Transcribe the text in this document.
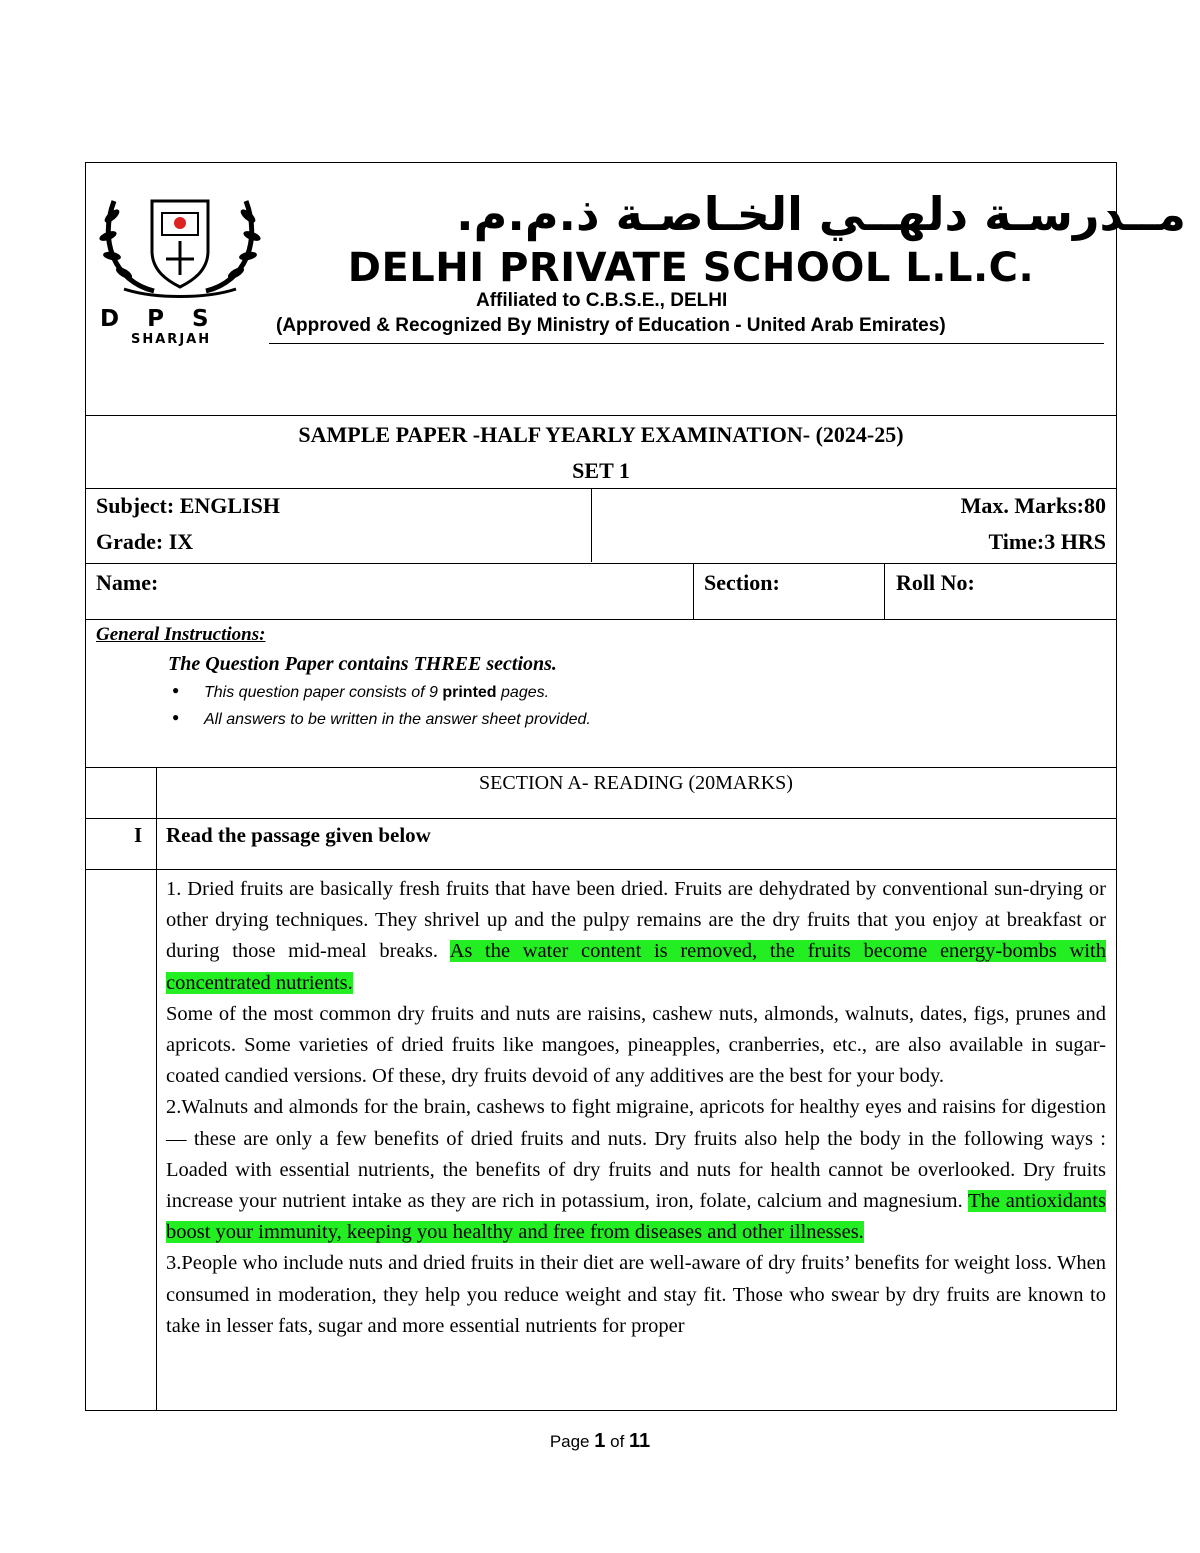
D P S
SHARJAH
مــدرسـة دلهــي الخـاصـة ذ.م.م.
DELHI PRIVATE SCHOOL L.L.C.
Affiliated to C.B.S.E., DELHI
(Approved & Recognized By Ministry of Education - United Arab Emirates)
SAMPLE PAPER -HALF YEARLY EXAMINATION- (2024-25)
SET 1
Subject: ENGLISH
Grade: IX
Max. Marks:80
Time:3 HRS
Name:	Section:	Roll No:
General Instructions:
The Question Paper contains THREE sections.
● This question paper consists of 9 printed pages.
● All answers to be written in the answer sheet provided.
SECTION A- READING (20MARKS)
I Read the passage given below

1. Dried fruits are basically fresh fruits that have been dried. Fruits are dehydrated by conventional sun-drying or other drying techniques. They shrivel up and the pulpy remains are the dry fruits that you enjoy at breakfast or during those mid-meal breaks. As the water content is removed, the fruits become energy-bombs with concentrated nutrients.

Some of the most common dry fruits and nuts are raisins, cashew nuts, almonds, walnuts, dates, figs, prunes and apricots. Some varieties of dried fruits like mangoes, pineapples, cranberries, etc., are also available in sugar-coated candied versions. Of these, dry fruits devoid of any additives are the best for your body.

2.Walnuts and almonds for the brain, cashews to fight migraine, apricots for healthy eyes and raisins for digestion — these are only a few benefits of dried fruits and nuts. Dry fruits also help the body in the following ways : Loaded with essential nutrients, the benefits of dry fruits and nuts for health cannot be overlooked. Dry fruits increase your nutrient intake as they are rich in potassium, iron, folate, calcium and magnesium. The antioxidants boost your immunity, keeping you healthy and free from diseases and other illnesses.

3.People who include nuts and dried fruits in their diet are well-aware of dry fruits’ benefits for weight loss. When consumed in moderation, they help you reduce weight and stay fit. Those who swear by dry fruits are known to take in lesser fats, sugar and more essential nutrients for proper

Page 1 of 11
